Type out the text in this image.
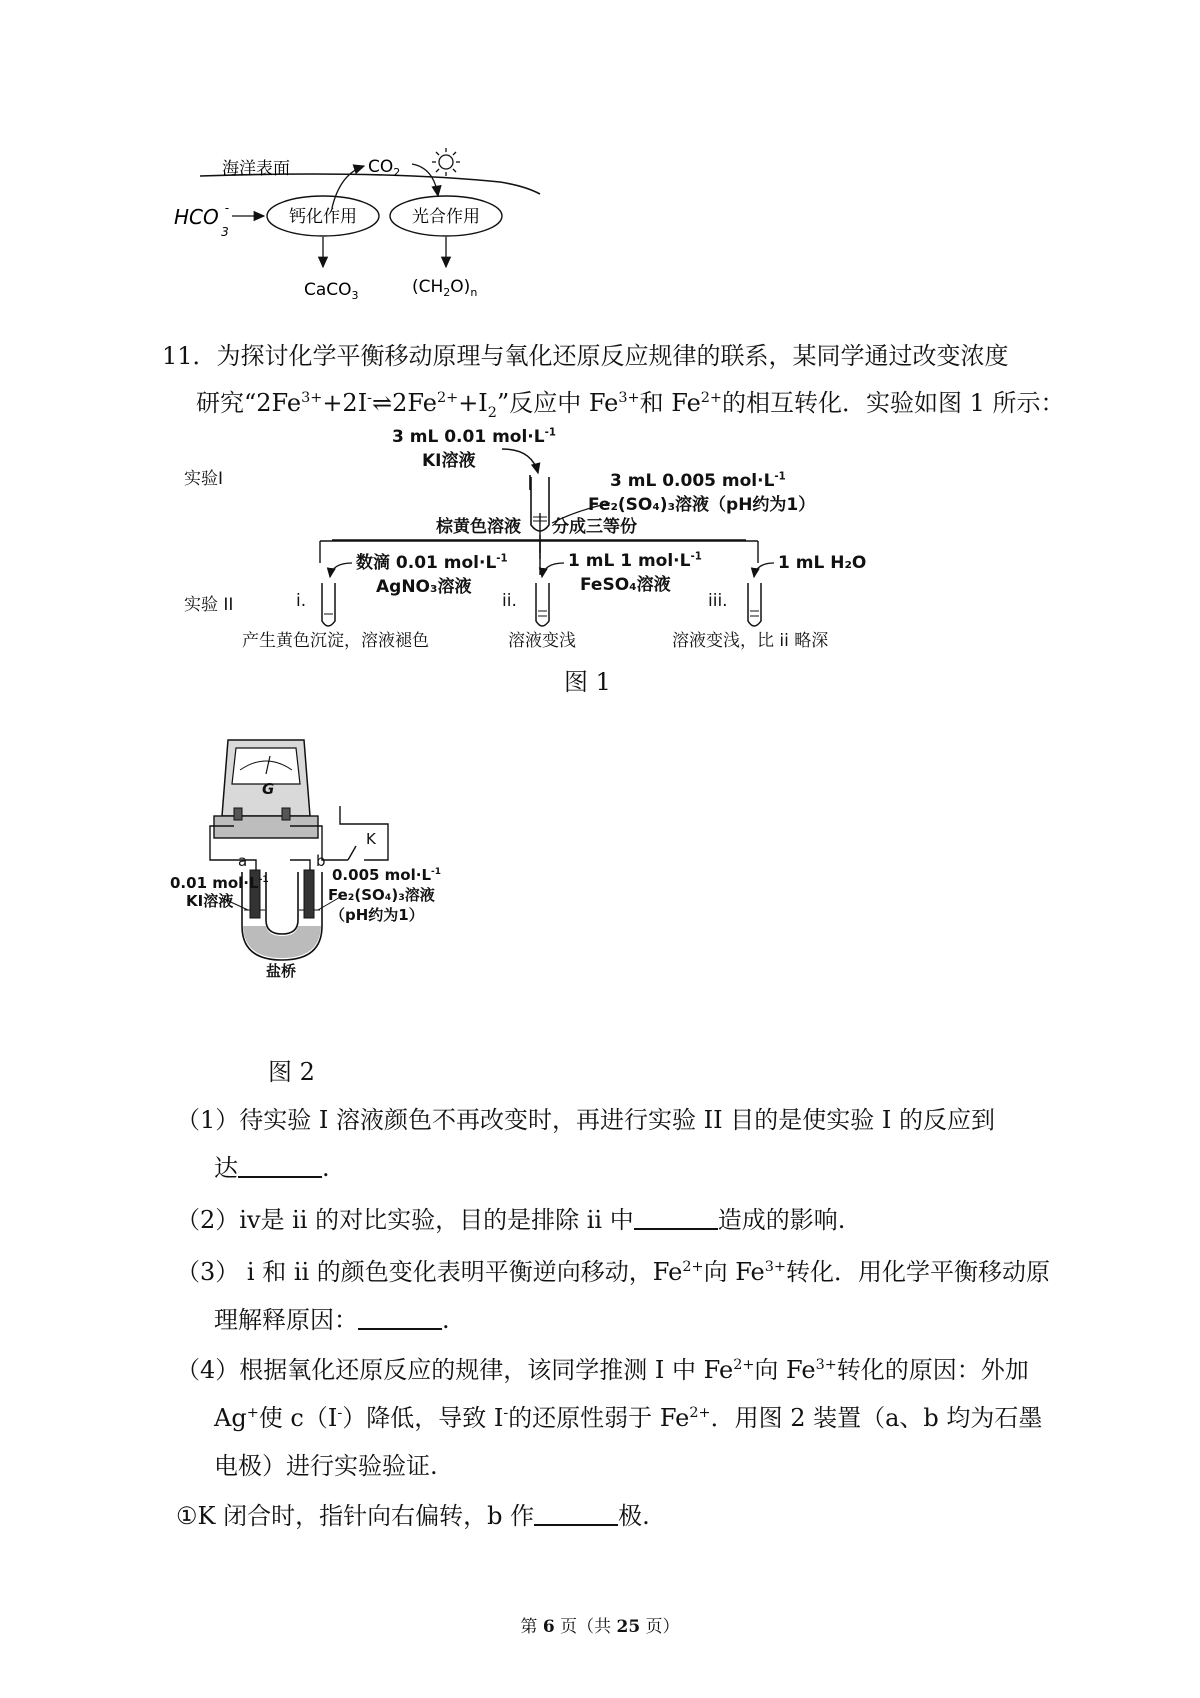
海洋表面	$CO_2$
HCO -3
钙化作用	光合作用
CaCO$_3$	$(CH_2O)_n$
11．为探讨化学平衡移动原理与氧化还原反应规律的联系，某同学通过改变浓度
研究“$2Fe^{3+}+2I^-\rightleftharpoons 2Fe^{2+}+I_2$”反应中 $Fe^{3+}$和 $Fe^{2+}$的相互转化．实验如图 1 所示：
3 mL 0.01 $mol\cdot L^{-1}$
KI溶液
实验I	3 mL 0.005 $mol\cdot L^{-1}$
Fe₂(SO₄)₃溶液（pH约为1）
棕黄色溶液 分成三等份
数滴 0.01 $mol\cdot L^{-1}$
AgNO₃溶液
1 mL 1 $mol\cdot L^{-1}$
FeSO₄溶液
1 mL H₂O
实验 II	i.	ii.	iii.
产生黄色沉淀，溶液褪色	溶液变浅	溶液变浅，比 ii 略深
图 1
G
K
a	b
0.01 $mol\cdot L^{-1}$
KI溶液
0.005 $mol\cdot L^{-1}$
Fe₂(SO₄)₃溶液
（pH约为1）
盐桥
图 2
（1）待实验 I 溶液颜色不再改变时，再进行实验 II 目的是使实验 I 的反应到
达	.
（2）iv是 ii 的对比实验，目的是排除 ii 中	造成的影响.
（3） i 和 ii 的颜色变化表明平衡逆向移动，$Fe^{2+}$向 $Fe^{3+}$转化．用化学平衡移动原
理解释原因：	.
（4）根据氧化还原反应的规律，该同学推测 I 中 $Fe^{2+}$向 $Fe^{3+}$转化的原因：外加
Ag+使 c（I-）降低，导致 I-的还原性弱于 $Fe^{2+}$．用图 2 装置（a、b 均为石墨
电极）进行实验验证.
①K 闭合时，指针向右偏转，b 作	极.
第 6 页（共 25 页）
